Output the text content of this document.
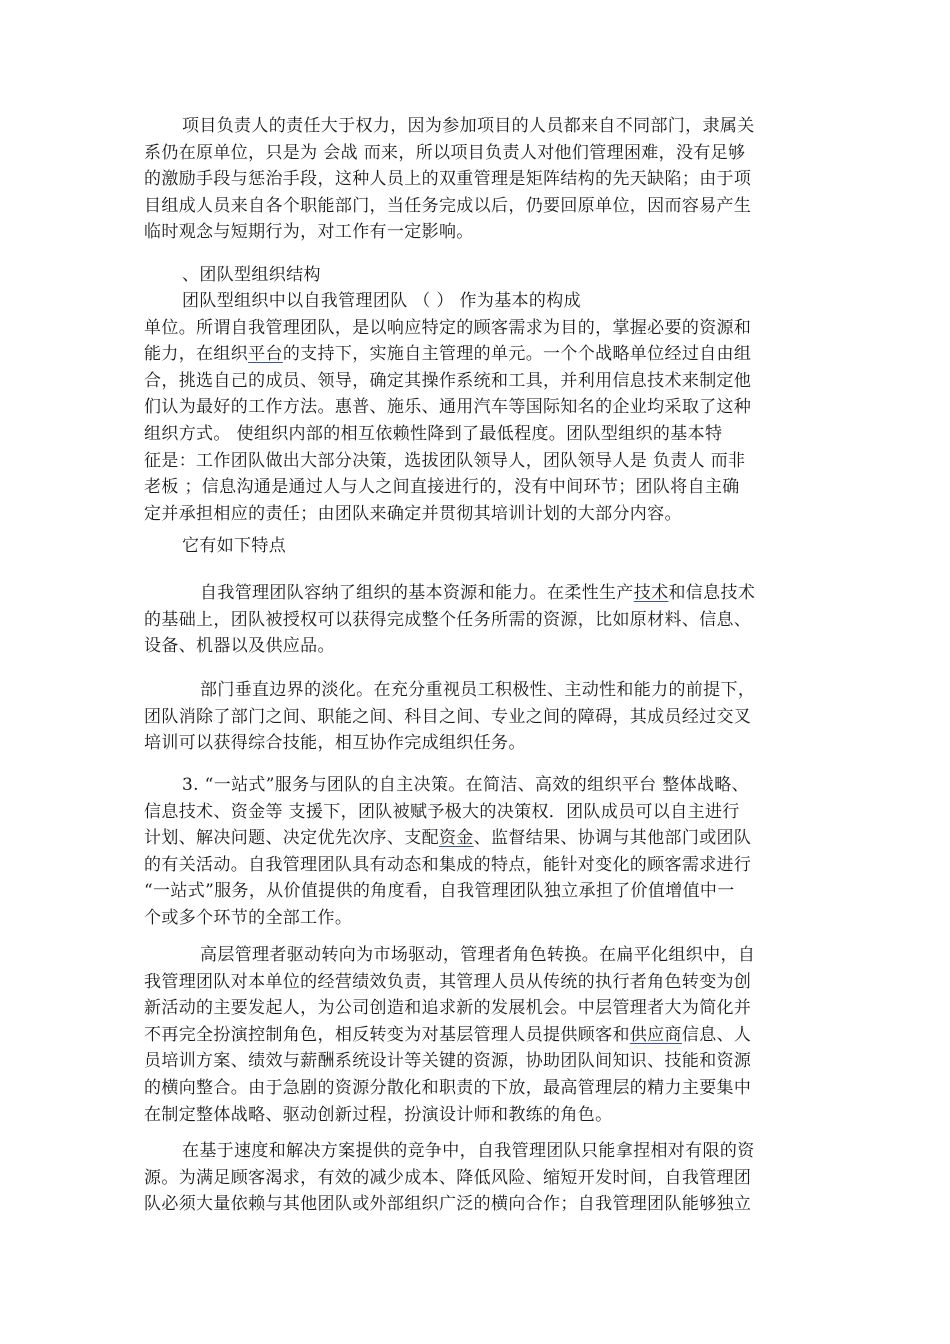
项目负责人的责任大于权力，因为参加项目的人员都来自不同部门，隶属关
系仍在原单位，只是为 会战 而来，所以项目负责人对他们管理困难，没有足够
的激励手段与惩治手段，这种人员上的双重管理是矩阵结构的先天缺陷；由于项
目组成人员来自各个职能部门，当任务完成以后，仍要回原单位，因而容易产生
临时观念与短期行为，对工作有一定影响。
、团队型组织结构
团队型组织中以自我管理团队 （ ） 作为基本的构成
单位。所谓自我管理团队，是以响应特定的顾客需求为目的，掌握必要的资源和
能力，在组织平台的支持下，实施自主管理的单元。一个个战略单位经过自由组
合，挑选自己的成员、领导，确定其操作系统和工具，并利用信息技术来制定他
们认为最好的工作方法。惠普、施乐、通用汽车等国际知名的企业均采取了这种
组织方式。 使组织内部的相互依赖性降到了最低程度。团队型组织的基本特
征是：工作团队做出大部分决策，选拔团队领导人，团队领导人是 负责人 而非
老板 ；信息沟通是通过人与人之间直接进行的，没有中间环节；团队将自主确
定并承担相应的责任；由团队来确定并贯彻其培训计划的大部分内容。
它有如下特点
自我管理团队容纳了组织的基本资源和能力。在柔性生产技术和信息技术
的基础上，团队被授权可以获得完成整个任务所需的资源，比如原材料、信息、
设备、机器以及供应品。
部门垂直边界的淡化。在充分重视员工积极性、主动性和能力的前提下，
团队消除了部门之间、职能之间、科目之间、专业之间的障碍，其成员经过交叉
培训可以获得综合技能，相互协作完成组织任务。
3. “一站式”服务与团队的自主决策。在简洁、高效的组织平台 整体战略、
信息技术、资金等 支援下，团队被赋予极大的决策权．团队成员可以自主进行
计划、解决问题、决定优先次序、支配资金、监督结果、协调与其他部门或团队
的有关活动。自我管理团队具有动态和集成的特点，能针对变化的顾客需求进行
“一站式”服务，从价值提供的角度看，自我管理团队独立承担了价值增值中一
个或多个环节的全部工作。
高层管理者驱动转向为市场驱动，管理者角色转换。在扁平化组织中，自
我管理团队对本单位的经营绩效负责，其管理人员从传统的执行者角色转变为创
新活动的主要发起人，为公司创造和追求新的发展机会。中层管理者大为简化并
不再完全扮演控制角色，相反转变为对基层管理人员提供顾客和供应商信息、人
员培训方案、绩效与薪酬系统设计等关键的资源，协助团队间知识、技能和资源
的横向整合。由于急剧的资源分散化和职责的下放，最高管理层的精力主要集中
在制定整体战略、驱动创新过程，扮演设计师和教练的角色。
在基于速度和解决方案提供的竞争中，自我管理团队只能拿捏相对有限的资
源。为满足顾客渴求，有效的减少成本、降低风险、缩短开发时间，自我管理团
队必须大量依赖与其他团队或外部组织广泛的横向合作；自我管理团队能够独立
